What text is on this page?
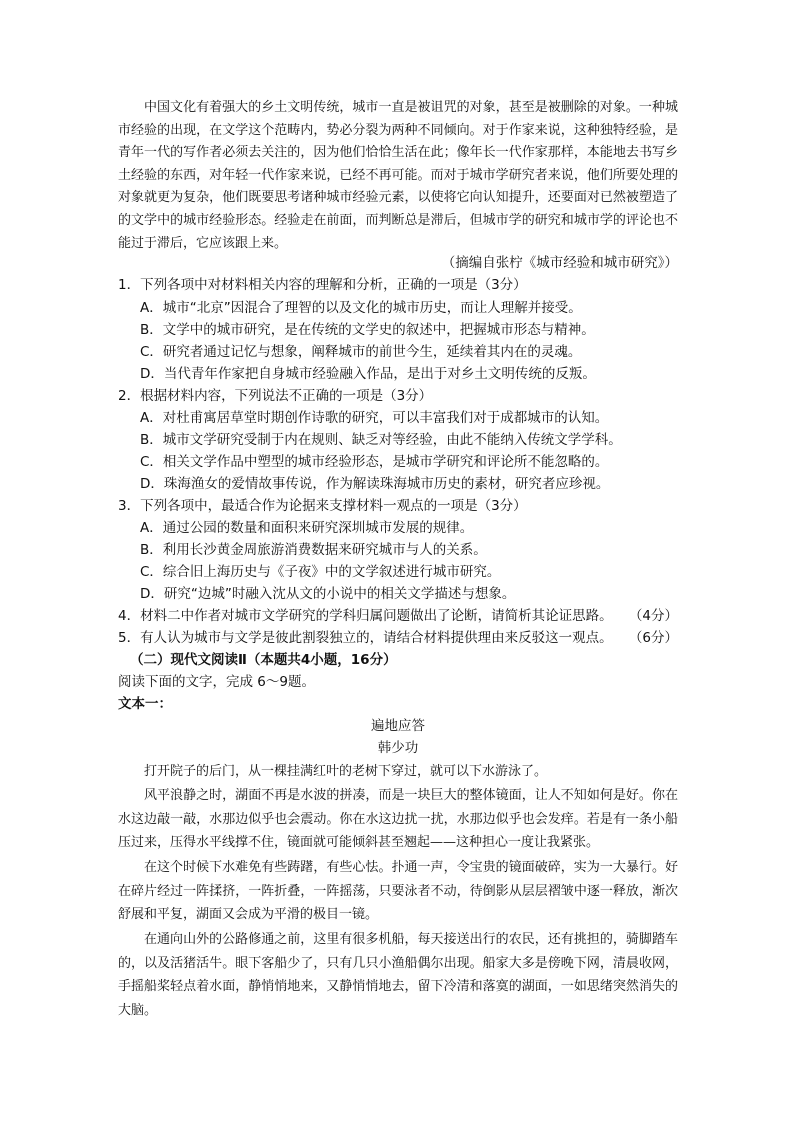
中国文化有着强大的乡土文明传统，城市一直是被诅咒的对象，甚至是被删除的对象。一种城市经验的出现，在文学这个范畴内，势必分裂为两种不同倾向。对于作家来说，这种独特经验，是青年一代的写作者必须去关注的，因为他们恰恰生活在此；像年长一代作家那样，本能地去书写乡土经验的东西，对年轻一代作家来说，已经不再可能。而对于城市学研究者来说，他们所要处理的对象就更为复杂，他们既要思考诸种城市经验元素，以使将它向认知提升，还要面对已然被塑造了的文学中的城市经验形态。经验走在前面，而判断总是滞后，但城市学的研究和城市学的评论也不能过于滞后，它应该跟上来。

（摘编自张柠《城市经验和城市研究》）
1．下列各项中对材料相关内容的理解和分析，正确的一项是（3分）
A．城市“北京”因混合了理智的以及文化的城市历史，而让人理解并接受。
B．文学中的城市研究，是在传统的文学史的叙述中，把握城市形态与精神。
C．研究者通过记忆与想象，阐释城市的前世今生，延续着其内在的灵魂。
D．当代青年作家把自身城市经验融入作品，是出于对乡土文明传统的反叛。
2．根据材料内容，下列说法不正确的一项是（3分）
A．对杜甫寓居草堂时期创作诗歌的研究，可以丰富我们对于成都城市的认知。
B．城市文学研究受制于内在规则、缺乏对等经验，由此不能纳入传统文学学科。
C．相关文学作品中塑型的城市经验形态，是城市学研究和评论所不能忽略的。
D．珠海渔女的爱情故事传说，作为解读珠海城市历史的素材，研究者应珍视。
3．下列各项中，最适合作为论据来支撑材料一观点的一项是（3分）
A．通过公园的数量和面积来研究深圳城市发展的规律。
B．利用长沙黄金周旅游消费数据来研究城市与人的关系。
C．综合旧上海历史与《子夜》中的文学叙述进行城市研究。
D．研究“边城”时融入沈从文的小说中的相关文学描述与想象。
4．材料二中作者对城市文学研究的学科归属问题做出了论断，请简析其论证思路。 （4分）
5．有人认为城市与文学是彼此割裂独立的，请结合材料提供理由来反驳这一观点。 （6分）
（二）现代文阅读Ⅱ（本题共4小题，16分）
阅读下面的文字，完成 6～9题。
文本一：
遍地应答
韩少功

打开院子的后门，从一棵挂满红叶的老树下穿过，就可以下水游泳了。

风平浪静之时，湖面不再是水波的拼凑，而是一块巨大的整体镜面，让人不知如何是好。你在水这边敲一敲，水那边似乎也会震动。你在水这边扰一扰，水那边似乎也会发痒。若是有一条小船压过来，压得水平线撑不住，镜面就可能倾斜甚至翘起——这种担心一度让我紧张。

在这个时候下水难免有些踌躇，有些心怯。扑通一声，令宝贵的镜面破碎，实为一大暴行。好在碎片经过一阵揉挤，一阵折叠，一阵摇荡，只要泳者不动，待倒影从层层褶皱中逐一释放，渐次舒展和平复，湖面又会成为平滑的极目一镜。

在通向山外的公路修通之前，这里有很多机船，每天接送出行的农民，还有挑担的，骑脚踏车的，以及活猪活牛。眼下客船少了，只有几只小渔船偶尔出现。船家大多是傍晚下网，清晨收网，手摇船桨轻点着水面，静悄悄地来，又静悄悄地去，留下冷清和落寞的湖面，一如思绪突然消失的大脑。
